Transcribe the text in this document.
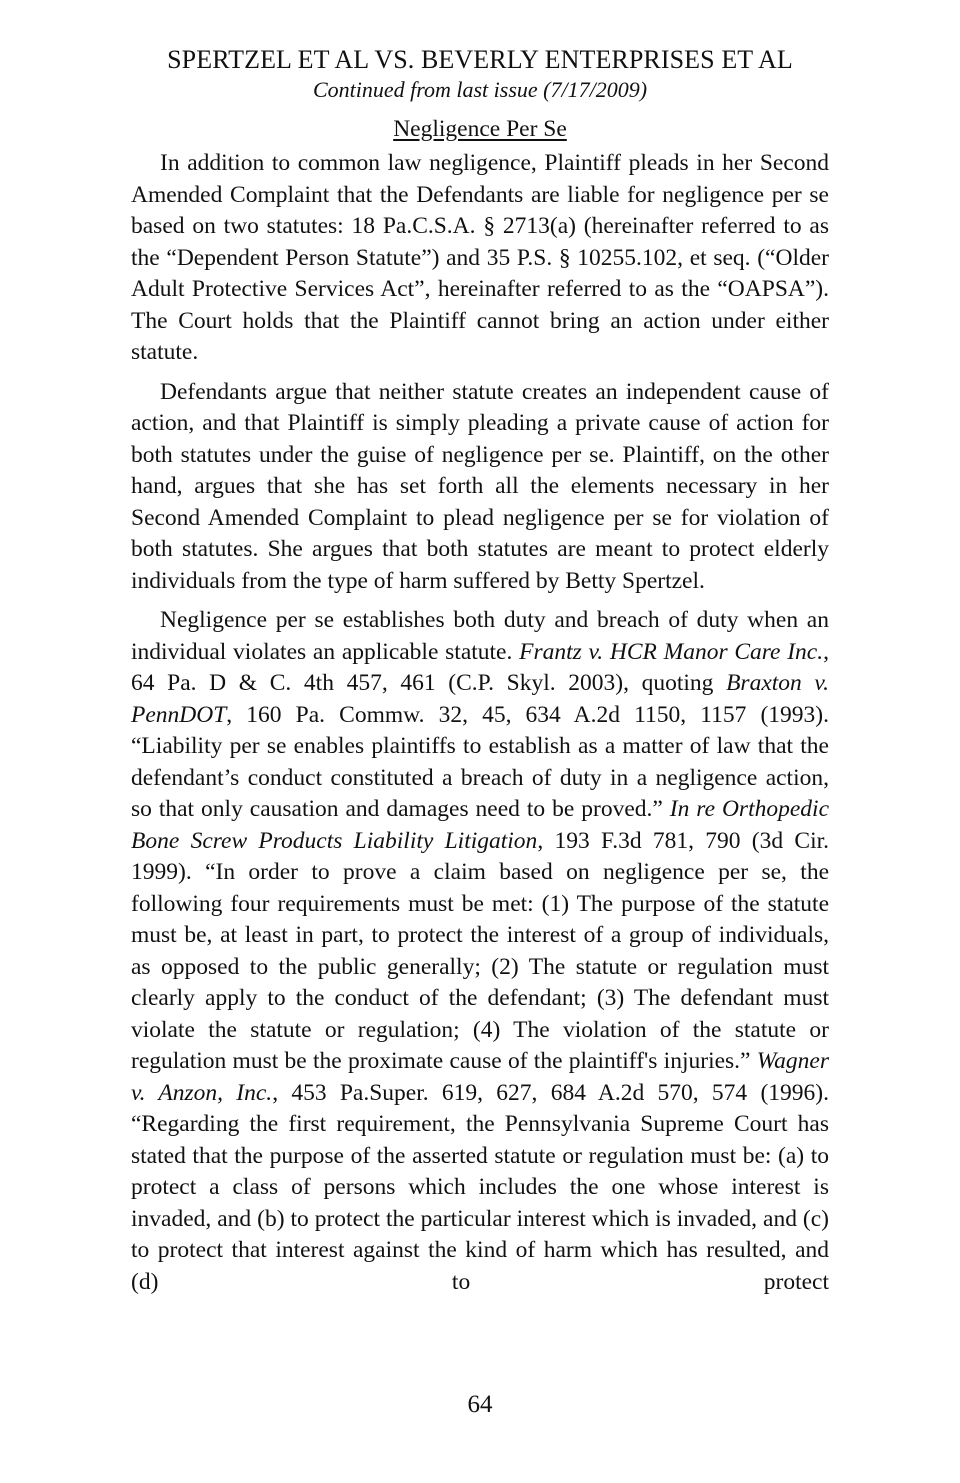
SPERTZEL ET AL VS. BEVERLY ENTERPRISES ET AL

Continued from last issue (7/17/2009)

Negligence Per Se

In addition to common law negligence, Plaintiff pleads in her Second Amended Complaint that the Defendants are liable for negligence per se based on two statutes: 18 Pa.C.S.A. § 2713(a) (hereinafter referred to as the “Dependent Person Statute”) and 35 P.S. § 10255.102, et seq. (“Older Adult Protective Services Act”, hereinafter referred to as the “OAPSA”). The Court holds that the Plaintiff cannot bring an action under either statute.

Defendants argue that neither statute creates an independent cause of action, and that Plaintiff is simply pleading a private cause of action for both statutes under the guise of negligence per se. Plaintiff, on the other hand, argues that she has set forth all the elements necessary in her Second Amended Complaint to plead negligence per se for violation of both statutes. She argues that both statutes are meant to protect elderly individuals from the type of harm suffered by Betty Spertzel.

Negligence per se establishes both duty and breach of duty when an individual violates an applicable statute. Frantz v. HCR Manor Care Inc., 64 Pa. D & C. 4th 457, 461 (C.P. Skyl. 2003), quoting Braxton v. PennDOT, 160 Pa. Commw. 32, 45, 634 A.2d 1150, 1157 (1993). “Liability per se enables plaintiffs to establish as a matter of law that the defendant’s conduct constituted a breach of duty in a negligence action, so that only causation and damages need to be proved.” In re Orthopedic Bone Screw Products Liability Litigation, 193 F.3d 781, 790 (3d Cir. 1999). “In order to prove a claim based on negligence per se, the following four requirements must be met: (1) The purpose of the statute must be, at least in part, to protect the interest of a group of individuals, as opposed to the public generally; (2) The statute or regulation must clearly apply to the conduct of the defendant; (3) The defendant must violate the statute or regulation; (4) The violation of the statute or regulation must be the proximate cause of the plaintiff's injuries.” Wagner v. Anzon, Inc., 453 Pa.Super. 619, 627, 684 A.2d 570, 574 (1996). “Regarding the first requirement, the Pennsylvania Supreme Court has stated that the purpose of the asserted statute or regulation must be: (a) to protect a class of persons which includes the one whose interest is invaded, and (b) to protect the particular interest which is invaded, and (c) to protect that interest against the kind of harm which has resulted, and (d) to protect

64
